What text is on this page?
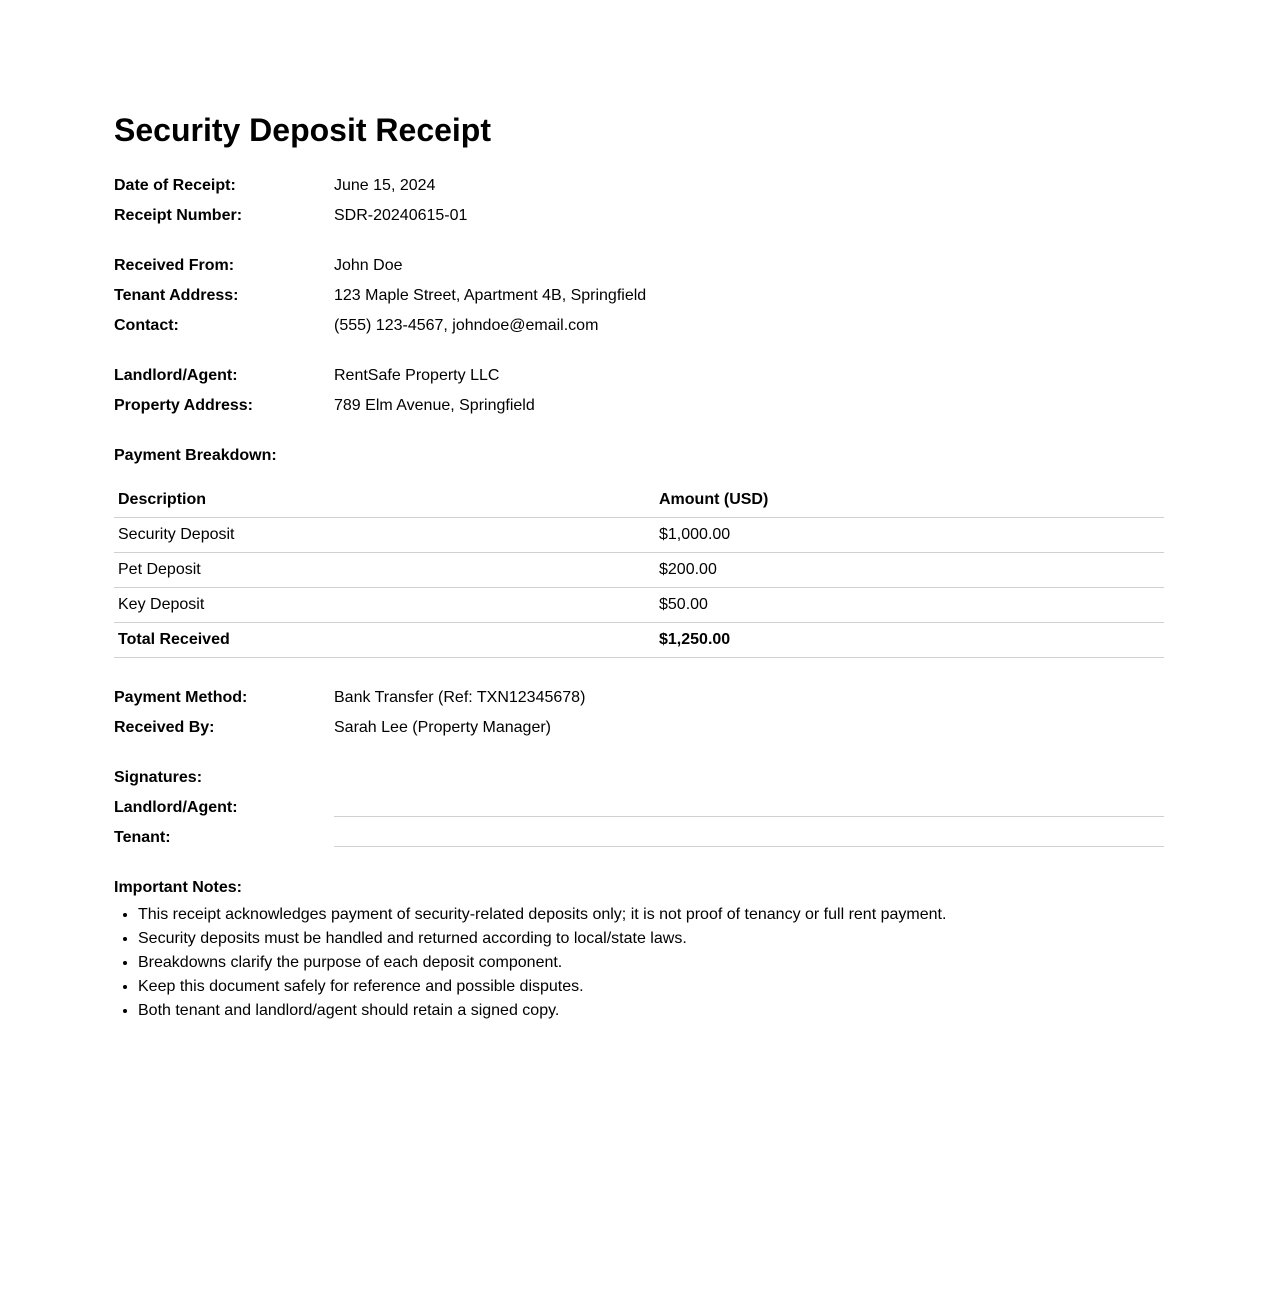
Security Deposit Receipt
Date of Receipt:	June 15, 2024
Receipt Number:	SDR-20240615-01
Received From:	John Doe
Tenant Address:	123 Maple Street, Apartment 4B, Springfield
Contact:	(555) 123-4567, johndoe@email.com
Landlord/Agent:	RentSafe Property LLC
Property Address:	789 Elm Avenue, Springfield
Payment Breakdown:
Description	Amount (USD)
Security Deposit	$1,000.00
Pet Deposit	$200.00
Key Deposit	$50.00
Total Received	$1,250.00
Payment Method:	Bank Transfer (Ref: TXN12345678)
Received By:	Sarah Lee (Property Manager)
Signatures:
Landlord/Agent:
Tenant:
Important Notes:
• This receipt acknowledges payment of security-related deposits only; it is not proof of tenancy or full rent payment.
• Security deposits must be handled and returned according to local/state laws.
• Breakdowns clarify the purpose of each deposit component.
• Keep this document safely for reference and possible disputes.
• Both tenant and landlord/agent should retain a signed copy.
